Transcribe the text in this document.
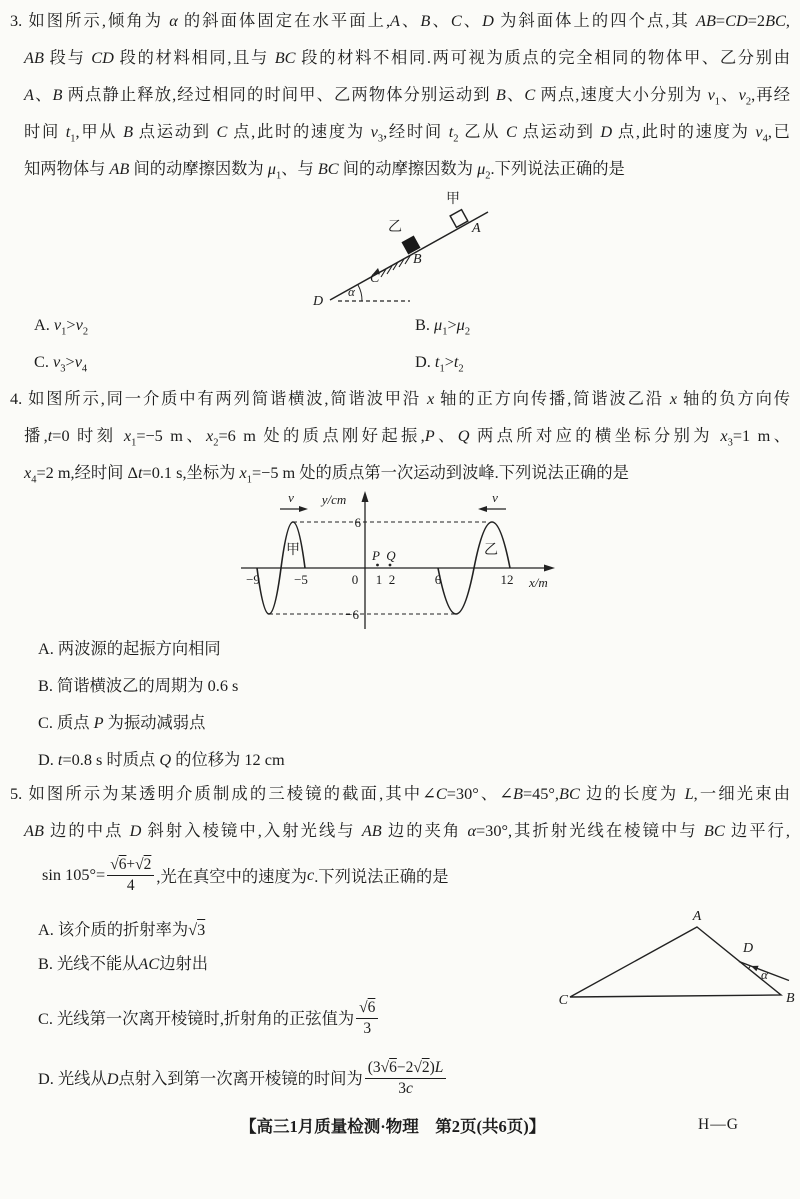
3. 如图所示,倾角为 α 的斜面体固定在水平面上,A、B、C、D 为斜面体上的四个点,其 AB=CD=2BC,
AB 段与 CD 段的材料相同,且与 BC 段的材料不相同.两可视为质点的完全相同的物体甲、乙分别由
A、B 两点静止释放,经过相同的时间甲、乙两物体分别运动到 B、C 两点,速度大小分别为 $v_1$、$v_2$,再经
时间 $t_1$,甲从 B 点运动到 C 点,此时的速度为 $v_3$,经时间 $t_2$ 乙从 C 点运动到 D 点,此时的速度为 $v_4$,已
知两物体与 AB 间的动摩擦因数为 $\mu_1$、与 BC 间的动摩擦因数为 $\mu_2$.下列说法正确的是
甲
乙	A
B
C
D
α
A. $v_1>v_2$	B. $\mu_1>\mu_2$
C. $v_3>v_4$	D. $t_1>t_2$
4. 如图所示,同一介质中有两列简谐横波,简谐波甲沿 x 轴的正方向传播,简谐波乙沿 x 轴的负方向传
播,t=0 时刻 $x_1=-5$ m、$x_2=6$ m 处的质点刚好起振,P、Q 两点所对应的横坐标分别为 $x_3=1$ m、
$x_4=2$ m,经时间 Δt=0.1 s,坐标为 $x_1=-5$ m 处的质点第一次运动到波峰.下列说法正确的是
y/cm
x/m
6
−6
−9	−5	0 1 2	6	12
P Q
甲	乙
v	v
A. 两波源的起振方向相同
B. 简谐横波乙的周期为 0.6 s
C. 质点 P 为振动减弱点
D. t=0.8 s 时质点 Q 的位移为 12 cm
5. 如图所示为某透明介质制成的三棱镜的截面,其中∠C=30°、∠B=45°,BC 边的长度为 L,一细光束由
AB 边的中点 D 斜射入棱镜中,入射光线与 AB 边的夹角 α=30°,其折射光线在棱镜中与 BC 边平行,
$\sin 105^\circ= \frac{√6+√2}{4}$ ,光在真空中的速度为 c .下列说法正确的是
A
B
C
D
α
A. 该介质的折射率为√ 3
B. 光线不能从 AC 边射出
C. 光线第一次离开棱镜时,折射角的正弦值为 $\frac{√6}{3}$
D. 光线从 D 点射入到第一次离开棱镜的时间为 $\frac{(3√6-2√2)L}{3c}$
【高三1月质量检测·物理　第2页(共6页)】	H—G
